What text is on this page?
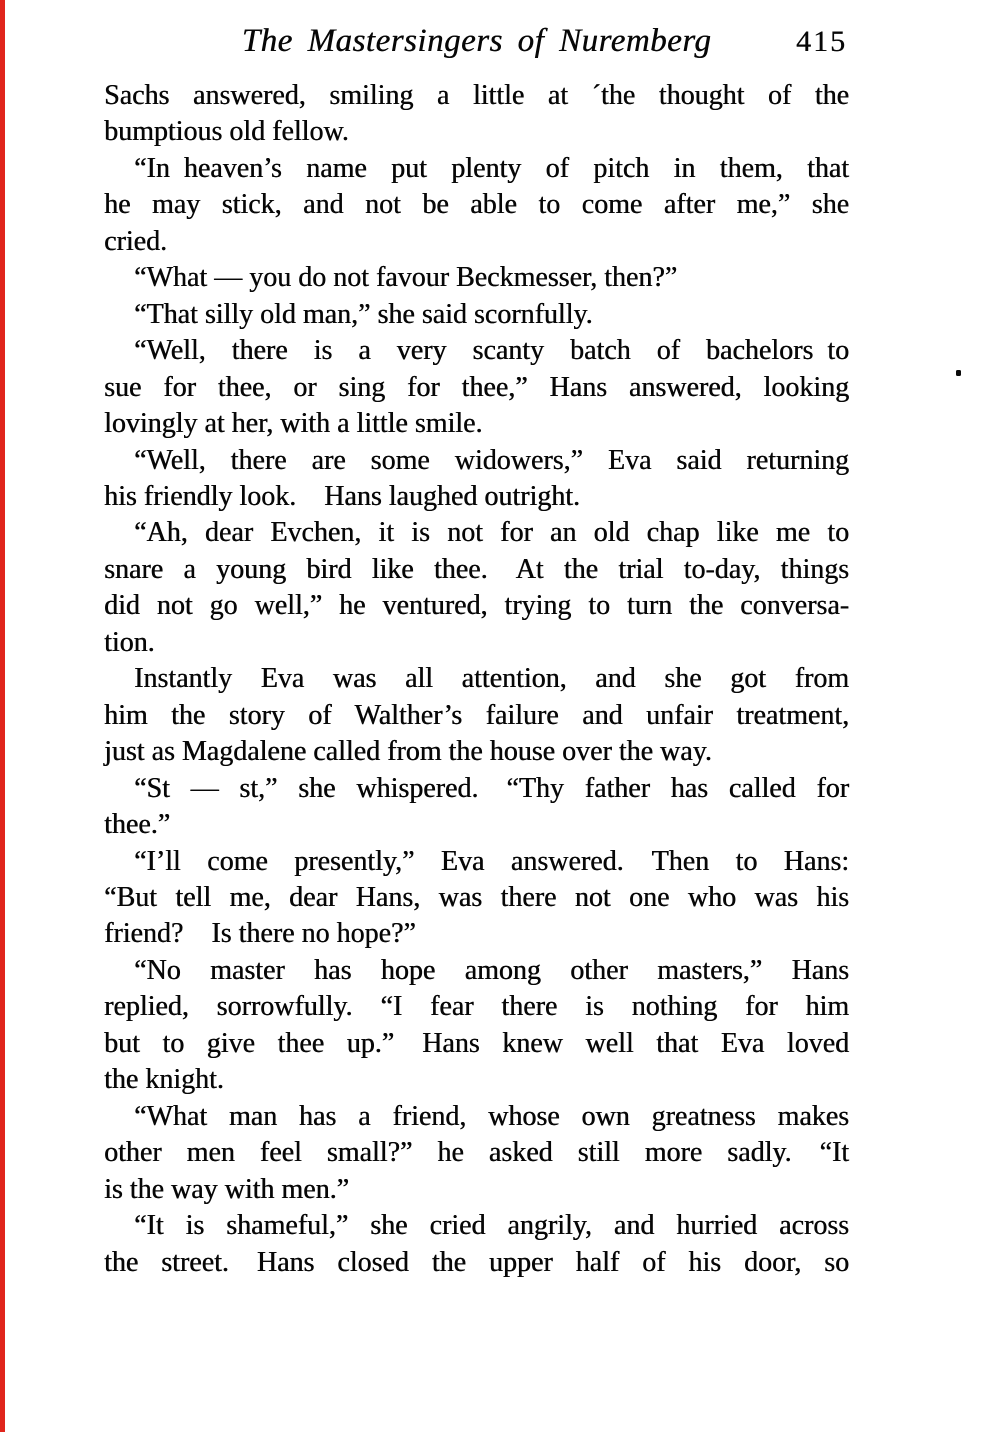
The Mastersingers of Nuremberg	415
Sachs answered, smiling a little at ´the thought of the
bumptious old fellow.
“In heaven’s name put plenty of pitch in them, that
he may stick, and not be able to come after me,” she
cried.
“What — you do not favour Beckmesser, then?”
“That silly old man,” she said scornfully.
“Well, there is a very scanty batch of bachelors to
sue for thee, or sing for thee,” Hans answered, looking
lovingly at her, with a little smile.
“Well, there are some widowers,” Eva said returning
his friendly look. Hans laughed outright.
“Ah, dear Evchen, it is not for an old chap like me to
snare a young bird like thee. At the trial to-day, things
did not go well,” he ventured, trying to turn the conversa-
tion.
Instantly Eva was all attention, and she got from
him the story of Walther’s failure and unfair treatment,
just as Magdalene called from the house over the way.
“St — st,” she whispered. “Thy father has called for
thee.”
“I’ll come presently,” Eva answered. Then to Hans:
“But tell me, dear Hans, was there not one who was his
friend? Is there no hope?”
“No master has hope among other masters,” Hans
replied, sorrowfully. “I fear there is nothing for him
but to give thee up.” Hans knew well that Eva loved
the knight.
“What man has a friend, whose own greatness makes
other men feel small?” he asked still more sadly. “It
is the way with men.”
“It is shameful,” she cried angrily, and hurried across
the street. Hans closed the upper half of his door, so
